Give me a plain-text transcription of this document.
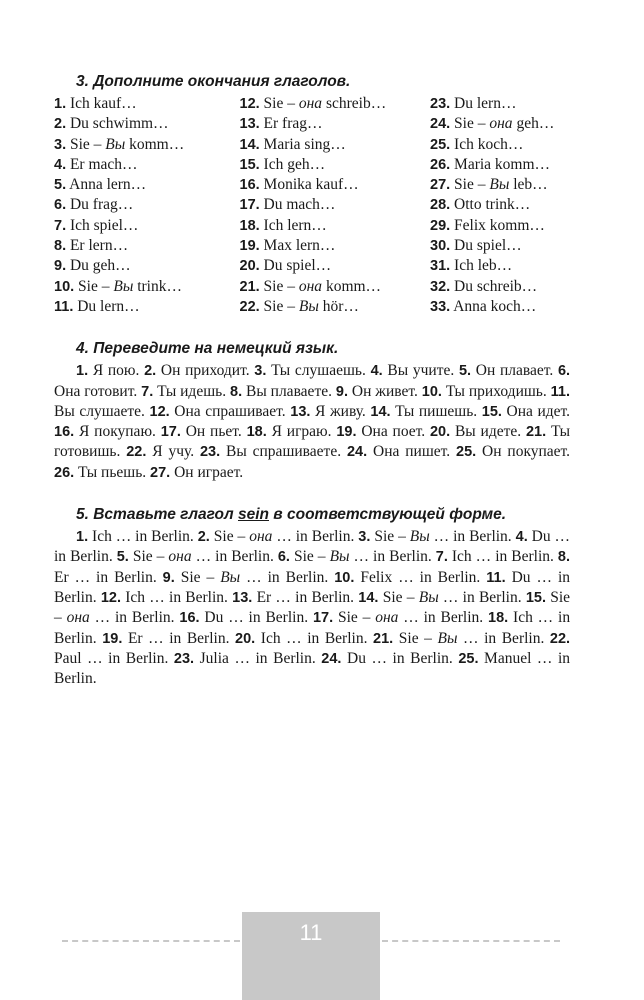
3. Дополните окончания глаголов.
1. Ich kauf…
2. Du schwimm…
3. Sie – Вы komm…
4. Er mach…
5. Anna lern…
6. Du frag…
7. Ich spiel…
8. Er lern…
9. Du geh…
10. Sie – Вы trink…
11. Du lern…
12. Sie – она schreib…
13. Er frag…
14. Maria sing…
15. Ich geh…
16. Monika kauf…
17. Du mach…
18. Ich lern…
19. Max lern…
20. Du spiel…
21. Sie – она komm…
22. Sie – Вы hör…
23. Du lern…
24. Sie – она geh…
25. Ich koch…
26. Maria komm…
27. Sie – Вы leb…
28. Otto trink…
29. Felix komm…
30. Du spiel…
31. Ich leb…
32. Du schreib…
33. Anna koch…
4. Переведите на немецкий язык.

1. Я пою. 2. Он приходит. 3. Ты слушаешь. 4. Вы учите. 5. Он плавает. 6. Она готовит. 7. Ты идешь. 8. Вы плаваете. 9. Он живет. 10. Ты приходишь. 11. Вы слушаете. 12. Она спрашивает. 13. Я живу. 14. Ты пишешь. 15. Она идет. 16. Я покупаю. 17. Он пьет. 18. Я играю. 19. Она поет. 20. Вы идете. 21. Ты готовишь. 22. Я учу. 23. Вы спрашиваете. 24. Она пишет. 25. Он покупает. 26. Ты пьешь. 27. Он играет.

5. Вставьте глагол sein в соответствующей форме.

1. Ich … in Berlin. 2. Sie – она … in Berlin. 3. Sie – Вы … in Berlin. 4. Du … in Berlin. 5. Sie – она … in Berlin. 6. Sie – Вы … in Berlin. 7. Ich … in Berlin. 8. Er … in Berlin. 9. Sie – Вы … in Berlin. 10. Felix … in Berlin. 11. Du … in Berlin. 12. Ich … in Berlin. 13. Er … in Berlin. 14. Sie – Вы … in Berlin. 15. Sie – она … in Berlin. 16. Du … in Berlin. 17. Sie – она … in Berlin. 18. Ich … in Berlin. 19. Er … in Berlin. 20. Ich … in Berlin. 21. Sie – Вы … in Berlin. 22. Paul … in Berlin. 23. Julia … in Berlin. 24. Du … in Berlin. 25. Manuel … in Berlin.

11
